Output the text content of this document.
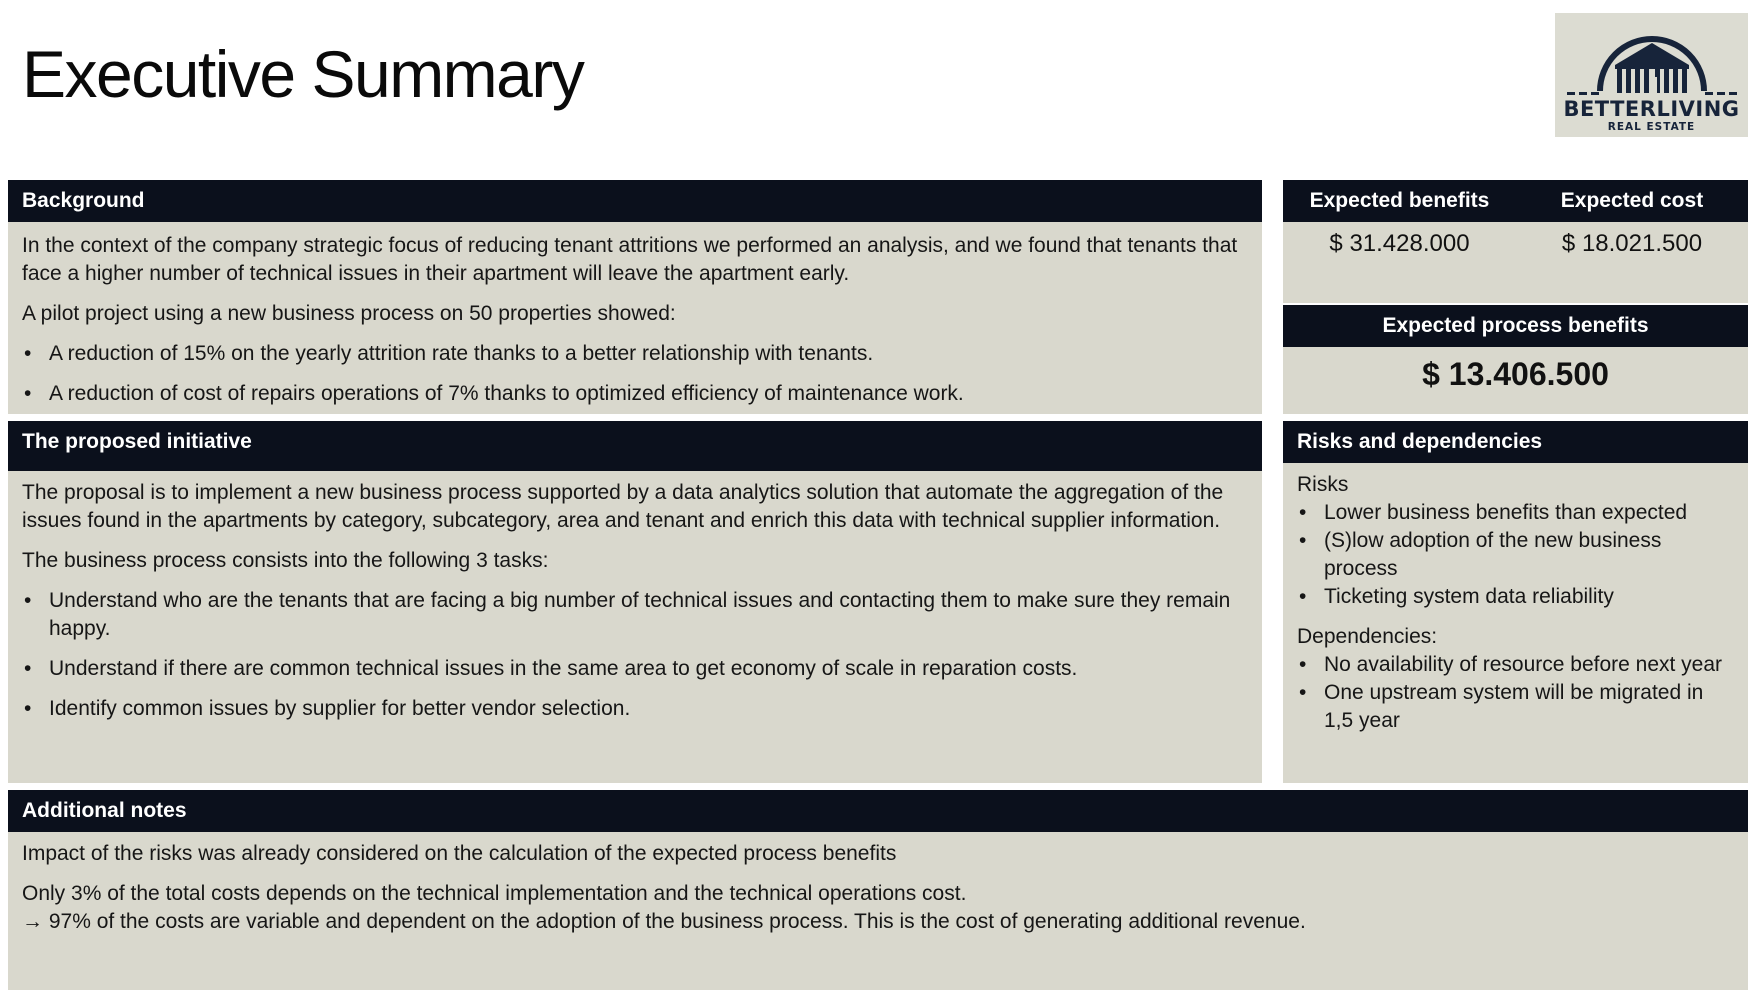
Executive Summary	BETTERLIVING
REAL ESTATE
Background

In the context of the company strategic focus of reducing tenant attritions we performed an analysis, and we found that tenants that face a higher number of technical issues in their apartment will leave the apartment early.

A pilot project using a new business process on 50 properties showed:

• A reduction of 15% on the yearly attrition rate thanks to a better relationship with tenants.
• A reduction of cost of repairs operations of 7% thanks to optimized efficiency of maintenance work.
Expected benefits	Expected cost
$ 31.428.000	$ 18.021.500
Expected process benefits
$ 13.406.500
The proposed initiative

The proposal is to implement a new business process supported by a data analytics solution that automate the aggregation of the issues found in the apartments by category, subcategory, area and tenant and enrich this data with technical supplier information.

The business process consists into the following 3 tasks:

• Understand who are the tenants that are facing a big number of technical issues and contacting them to make sure they remain happy.
• Understand if there are common technical issues in the same area to get economy of scale in reparation costs.
• Identify common issues by supplier for better vendor selection.
Risks and dependencies

Risks

• Lower business benefits than expected
• (S)low adoption of the new business process
• Ticketing system data reliability

Dependencies:

• No availability of resource before next year
• One upstream system will be migrated in 1,5 year
Additional notes

Impact of the risks was already considered on the calculation of the expected process benefits

Only 3% of the total costs depends on the technical implementation and the technical operations cost.

→ 97% of the costs are variable and dependent on the adoption of the business process. This is the cost of generating additional revenue.
